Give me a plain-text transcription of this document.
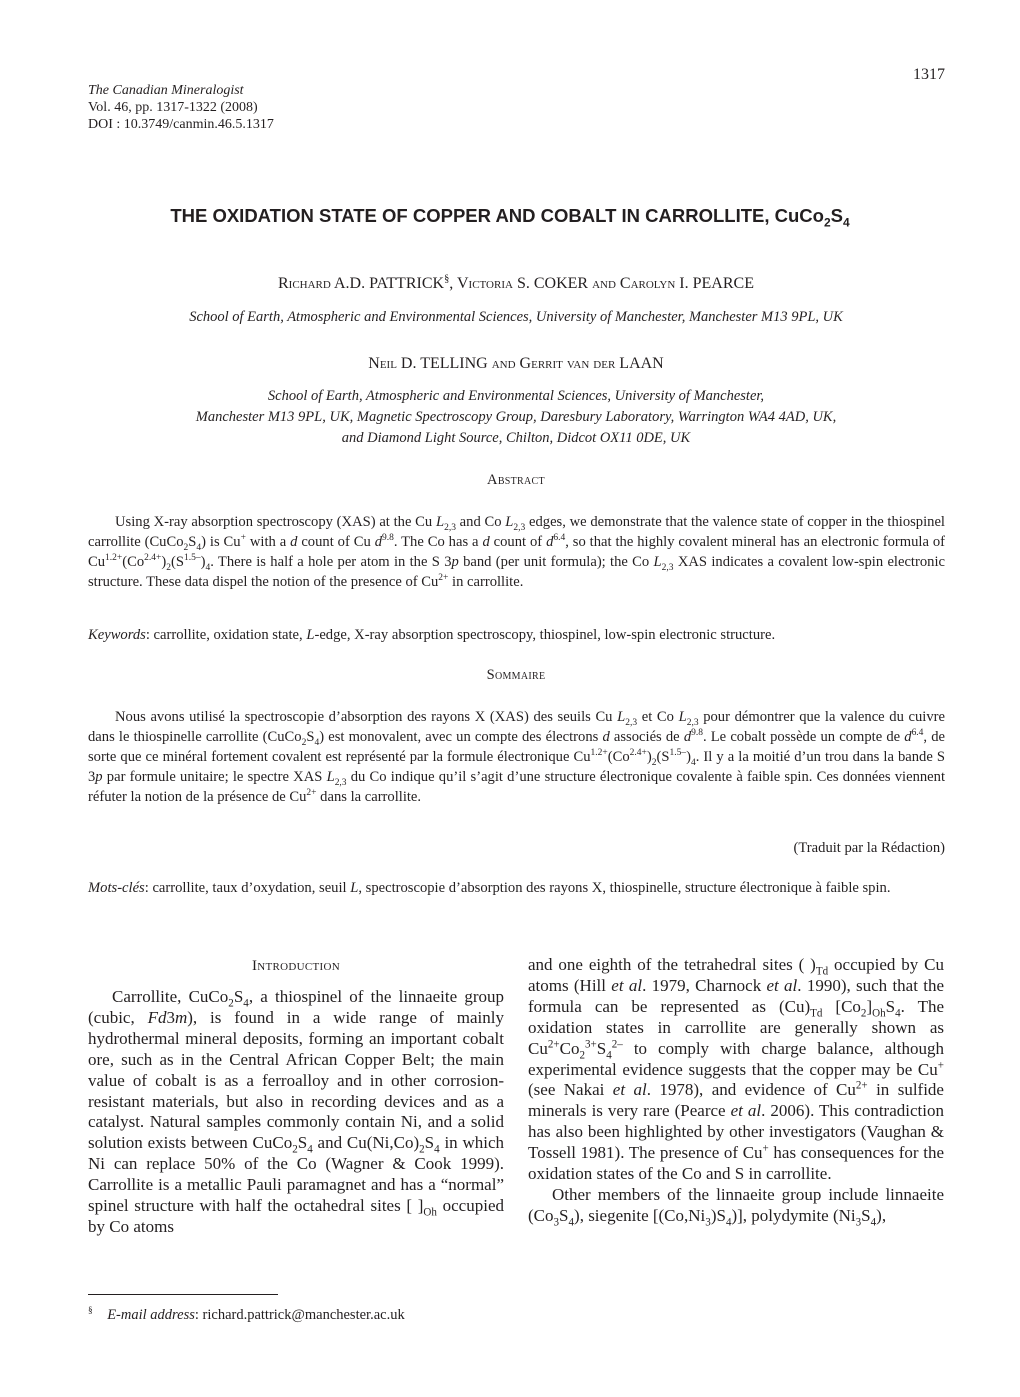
1317
The Canadian Mineralogist
Vol. 46, pp. 1317-1322 (2008)
DOI : 10.3749/canmin.46.5.1317
THE OXIDATION STATE OF COPPER AND COBALT IN CARROLLITE, $CuCo_2S_4$
Richard A.D. PATTRICK§, Victoria S. COKER and Carolyn I. PEARCE
School of Earth, Atmospheric and Environmental Sciences, University of Manchester, Manchester M13 9PL, UK
Neil D. TELLING and Gerrit van der LAAN
School of Earth, Atmospheric and Environmental Sciences, University of Manchester,
Manchester M13 9PL, UK, Magnetic Spectroscopy Group, Daresbury Laboratory, Warrington WA4 4AD, UK,
and Diamond Light Source, Chilton, Didcot OX11 0DE, UK
Abstract
Using X-ray absorption spectroscopy (XAS) at the Cu $L_{2,3}$ and Co $L_{2,3}$ edges, we demonstrate that the valence state of copper in the thiospinel carrollite $(CuCo_2S_4)$ is Cu+ with a d count of Cu $d^{9.8}$. The Co has a d count of $d^{6.4}$, so that the highly covalent mineral has an electronic formula of $Cu^{1.2+}(Co^{2.4+})_2(S^{1.5-})_4$. There is half a hole per atom in the S 3p band (per unit formula); the Co $L_{2,3}$ XAS indicates a covalent low-spin electronic structure. These data dispel the notion of the presence of $Cu^{2+}$ in carrollite.
Keywords: carrollite, oxidation state, L-edge, X-ray absorption spectroscopy, thiospinel, low-spin electronic structure.
Sommaire
Nous avons utilisé la spectroscopie d’absorption des rayons X (XAS) des seuils Cu $L_{2,3}$ et Co $L_{2,3}$ pour démontrer que la valence du cuivre dans le thiospinelle carrollite $(CuCo_2S_4)$ est monovalent, avec un compte des électrons d associés de $d^{9.8}$. Le cobalt possède un compte de $d^{6.4}$, de sorte que ce minéral fortement covalent est représenté par la formule électronique $Cu^{1.2+}(Co^{2.4+})_2(S^{1.5-})_4$. Il y a la moitié d’un trou dans la bande S 3p par formule unitaire; le spectre XAS $L_{2,3}$ du Co indique qu’il s’agit d’une structure électronique covalente à faible spin. Ces données viennent réfuter la notion de la présence de $Cu^{2+}$ dans la carrollite.
(Traduit par la Rédaction)
Mots-clés: carrollite, taux d’oxydation, seuil L, spectroscopie d’absorption des rayons X, thiospinelle, structure électronique à faible spin.
Introduction

Carrollite, $CuCo_2S_4$, a thiospinel of the linnaeite group (cubic, Fd3m), is found in a wide range of mainly hydrothermal mineral deposits, forming an important cobalt ore, such as in the Central African Copper Belt; the main value of cobalt is as a ferroalloy and in other corrosion-resistant materials, but also in recording devices and as a catalyst. Natural samples commonly contain Ni, and a solid solution exists between $CuCo_2S_4$ and $Cu(Ni,Co)_2S_4$ in which Ni can replace 50% of the Co (Wagner & Cook 1999). Carrollite is a metallic Pauli paramagnet and has a “normal” spinel structure with half the octahedral sites [ ]$_{Oh}$ occupied by Co atoms

and one eighth of the tetrahedral sites ( )$_{Td}$ occupied by Cu atoms (Hill et al. 1979, Charnock et al. 1990), such that the formula can be represented as $(Cu)_{Td}$ $[Co_2]_{Oh}S_4$. The oxidation states in carrollite are generally shown as $Cu^{2+}Co_2^{3+}S_4^{2-}$ to comply with charge balance, although experimental evidence suggests that the copper may be Cu+ (see Nakai et al. 1978), and evidence of $Cu^{2+}$ in sulfide minerals is very rare (Pearce et al. 2006). This contradiction has also been highlighted by other investigators (Vaughan & Tossell 1981). The presence of Cu+ has consequences for the oxidation states of the Co and S in carrollite.

Other members of the linnaeite group include linnaeite $(Co_3S_4)$, siegenite $[(Co,Ni_3)S_4)$], polydymite $(Ni_3S_4)$,

§ E-mail address: richard.pattrick@manchester.ac.uk
